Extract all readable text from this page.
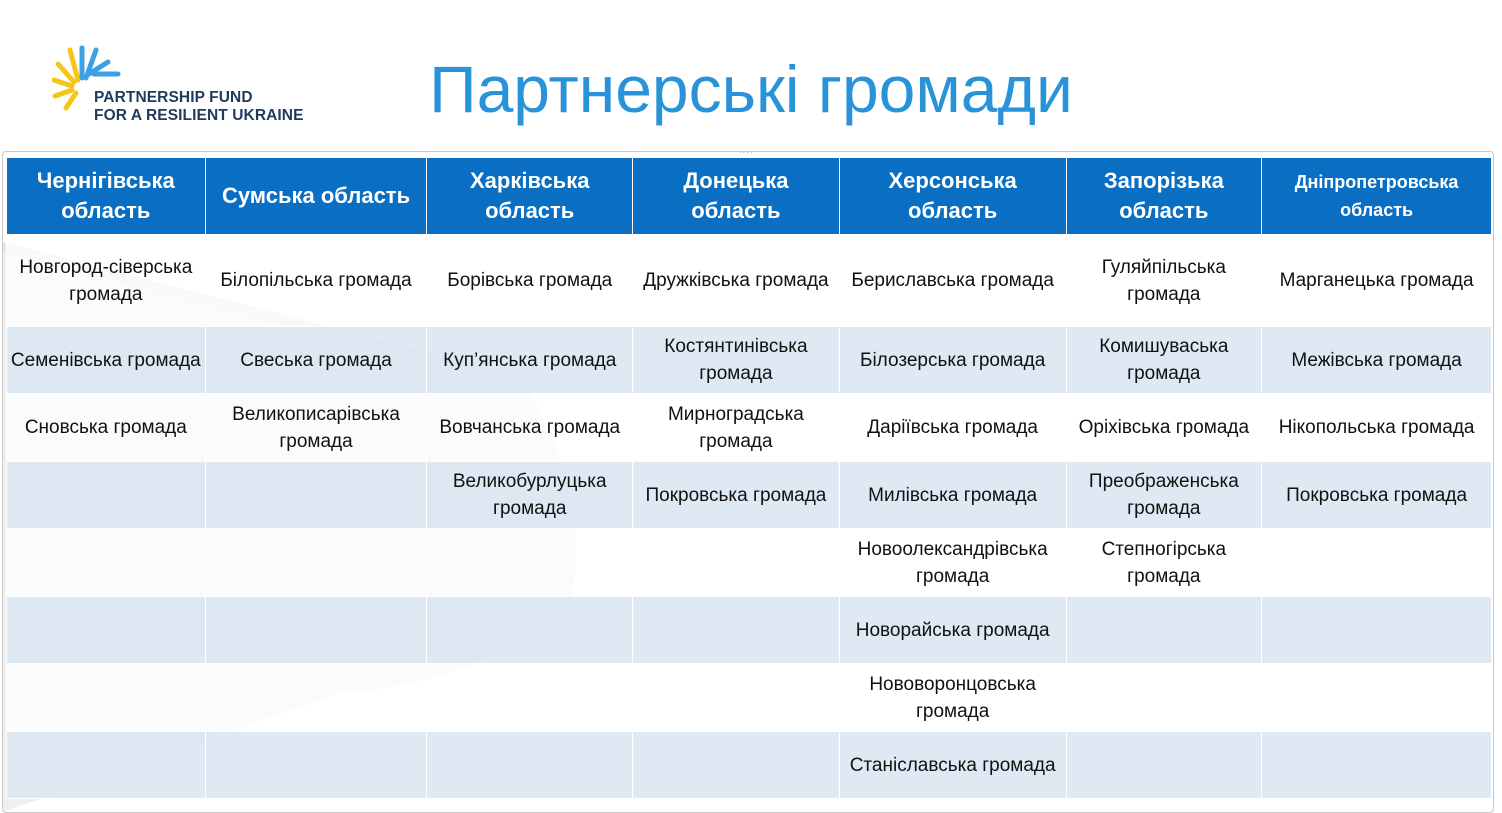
PARTNERSHIP FUND
FOR A RESILIENT UKRAINE	Партнерські громади
····
Чернігівська область	Сумська область	Харківська область	Донецька область	Херсонська область	Запорізька область	Дніпропетровська область
Новгород-сіверська громада	Білопільська громада	Борівська громада	Дружківська громада	Бериславська громада	Гуляйпільська громада	Марганецька громада
Семенівська громада	Свеська громада	Куп’янська громада	Костянтинівська громада	Білозерська громада	Комишуваська громада	Межівська громада
Сновська громада	Великописарівська громада	Вовчанська громада	Мирноградська громада	Даріївська громада	Оріхівська громада	Нікопольська громада
		Великобурлуцька громада	Покровська громада	Милівська громада	Преображенська громада	Покровська громада
				Новоолександрівська громада	Степногірська громада	
				Новорайська громада		
				Нововоронцовська громада		
				Станіславська громада		
